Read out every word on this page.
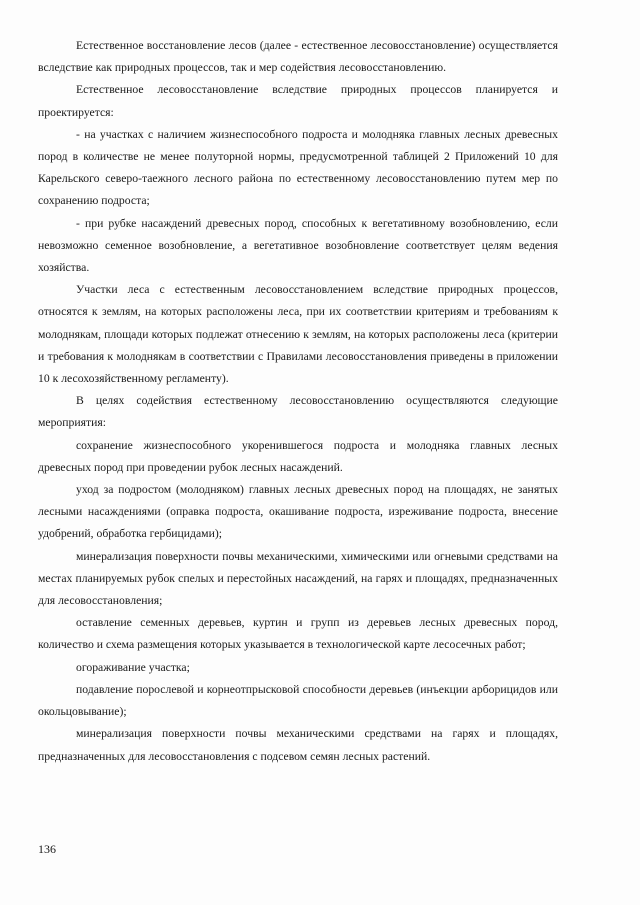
Естественное восстановление лесов (далее - естественное лесовосстановление) осуществляется вследствие как природных процессов, так и мер содействия лесовосстановлению.

Естественное лесовосстановление вследствие природных процессов планируется и проектируется:

- на участках с наличием жизнеспособного подроста и молодняка главных лесных древесных пород в количестве не менее полуторной нормы, предусмотренной таблицей 2 Приложений 10 для Карельского северо-таежного лесного района по естественному лесовосстановлению путем мер по сохранению подроста;

- при рубке насаждений древесных пород, способных к вегетативному возобновлению, если невозможно семенное возобновление, а вегетативное возобновление соответствует целям ведения хозяйства.

Участки леса с естественным лесовосстановлением вследствие природных процессов, относятся к землям, на которых расположены леса, при их соответствии критериям и требованиям к молоднякам, площади которых подлежат отнесению к землям, на которых расположены леса (критерии и требования к молоднякам в соответствии с Правилами лесовосстановления приведены в приложении 10 к лесохозяйственному регламенту).

В целях содействия естественному лесовосстановлению осуществляются следующие мероприятия:

сохранение жизнеспособного укоренившегося подроста и молодняка главных лесных древесных пород при проведении рубок лесных насаждений.

уход за подростом (молодняком) главных лесных древесных пород на площадях, не занятых лесными насаждениями (оправка подроста, окашивание подроста, изреживание подроста, внесение удобрений, обработка гербицидами);

минерализация поверхности почвы механическими, химическими или огневыми средствами на местах планируемых рубок спелых и перестойных насаждений, на гарях и площадях, предназначенных для лесовосстановления;

оставление семенных деревьев, куртин и групп из деревьев лесных древесных пород, количество и схема размещения которых указывается в технологической карте лесосечных работ;

огораживание участка;

подавление порослевой и корнеотпрысковой способности деревьев (инъекции арборицидов или окольцовывание);

минерализация поверхности почвы механическими средствами на гарях и площадях, предназначенных для лесовосстановления с подсевом семян лесных растений.

136
